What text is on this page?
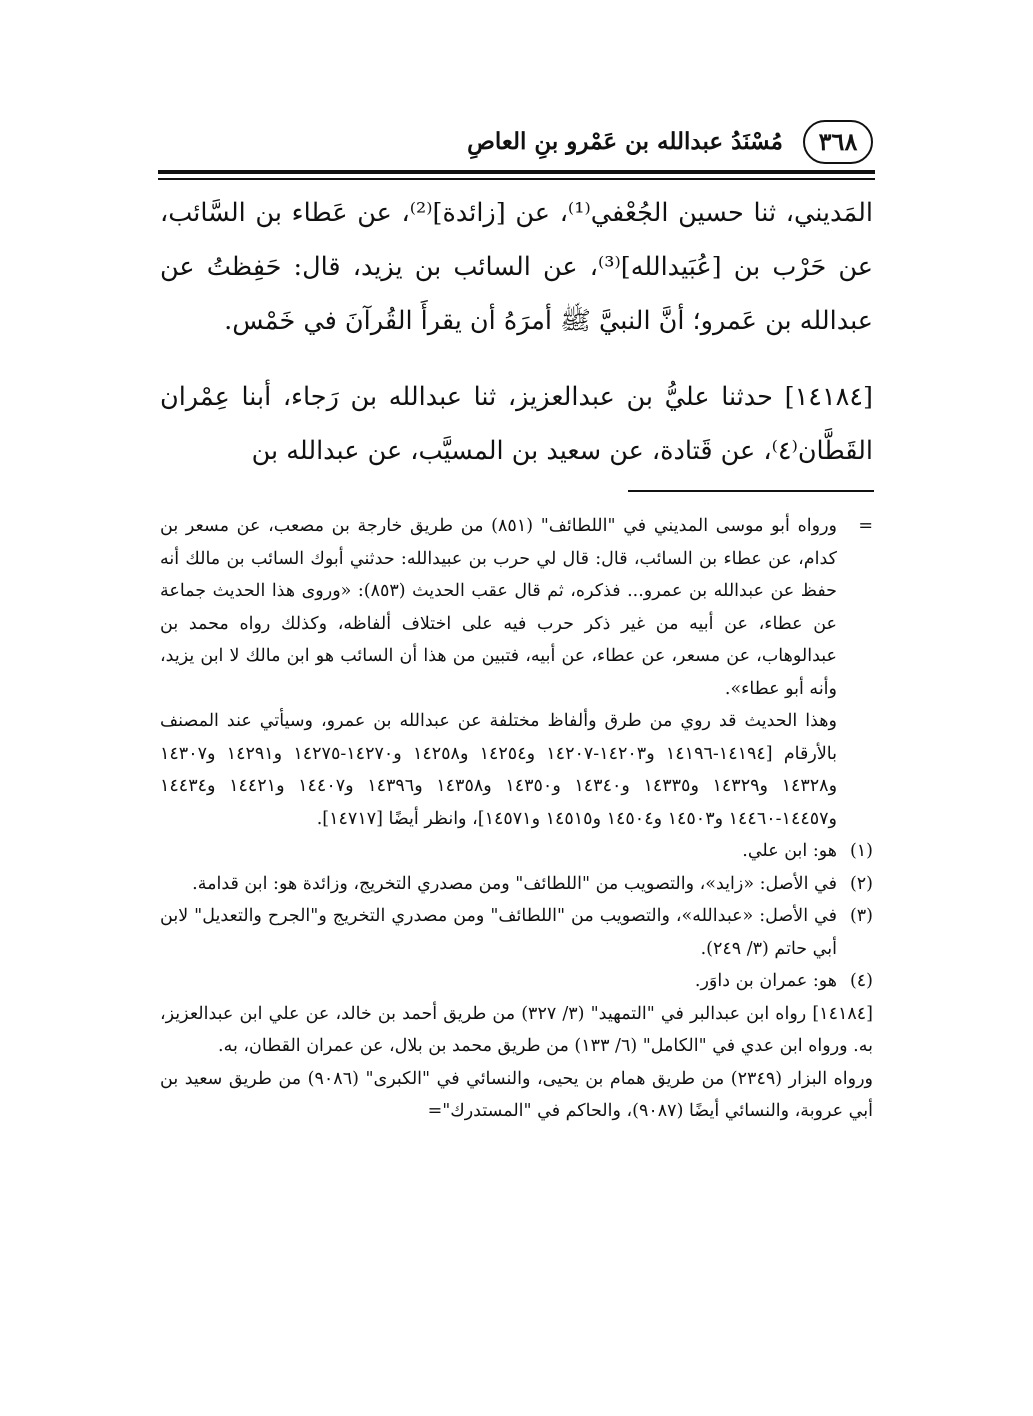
٣٦٨
مُسْنَدُ عبدالله بن عَمْرو بنِ العاصِ

المَديني، ثنا حسين الجُعْفي⁽¹⁾، عن [زائدة]⁽²⁾، عن عَطاء بن السَّائب، عن حَرْب بن [عُبَيدالله]⁽³⁾، عن السائب بن يزيد، قال: حَفِظتُ عن عبدالله بن عَمرو؛ أنَّ النبيَّ ﷺ أمرَهُ أن يقرأَ القُرآنَ في خَمْس.

[١٤١٨٤] حدثنا عليُّ بن عبدالعزيز، ثنا عبدالله بن رَجاء، أبنا عِمْران القَطَّان⁽٤⁾، عن قَتادة، عن سعيد بن المسيَّب، عن عبدالله بن

=
ورواه أبو موسى المديني في "اللطائف" (٨٥١) من طريق خارجة بن مصعب، عن مسعر بن كدام، عن عطاء بن السائب، قال: قال لي حرب بن عبيدالله: حدثني أبوك السائب بن مالك أنه حفظ عن عبدالله بن عمرو... فذكره، ثم قال عقب الحديث (٨٥٣): «وروى هذا الحديث جماعة عن عطاء، عن أبيه من غير ذكر حرب فيه على اختلاف ألفاظه، وكذلك رواه محمد بن عبدالوهاب، عن مسعر، عن عطاء، عن أبيه، فتبين من هذا أن السائب هو ابن مالك لا ابن يزيد، وأنه أبو عطاء».
وهذا الحديث قد روي من طرق وألفاظ مختلفة عن عبدالله بن عمرو، وسيأتي عند المصنف بالأرقام [١٤١٩٤-١٤١٩٦ و١٤٢٠٣-١٤٢٠٧ و١٤٢٥٤ و١٤٢٥٨ و١٤٢٧٠-١٤٢٧٥ و١٤٢٩١ و١٤٣٠٧ و١٤٣٢٨ و١٤٣٢٩ و١٤٣٣٥ و١٤٣٤٠ و١٤٣٥٠ و١٤٣٥٨ و١٤٣٩٦ و١٤٤٠٧ و١٤٤٢١ و١٤٤٣٤ و١٤٤٥٧-١٤٤٦٠ و١٤٥٠٣ و١٤٥٠٤ و١٤٥١٥ و١٤٥٧١]، وانظر أيضًا [١٤٧١٧].
(١)
هو: ابن علي.
(٢)
في الأصل: «زايد»، والتصويب من "اللطائف" ومن مصدري التخريج، وزائدة هو: ابن قدامة.
(٣)
في الأصل: «عبدالله»، والتصويب من "اللطائف" ومن مصدري التخريج و"الجرح والتعديل" لابن أبي حاتم (٣/ ٢٤٩).
(٤)
هو: عمران بن داوَر.

[١٤١٨٤] رواه ابن عبدالبر في "التمهيد" (٣/ ٣٢٧) من طريق أحمد بن خالد، عن علي ابن عبدالعزيز، به. ورواه ابن عدي في "الكامل" (٦/ ١٣٣) من طريق محمد بن بلال، عن عمران القطان، به.

ورواه البزار (٢٣٤٩) من طريق همام بن يحيى، والنسائي في "الكبرى" (٩٠٨٦) من طريق سعيد بن أبي عروبة، والنسائي أيضًا (٩٠٨٧)، والحاكم في "المستدرك"=
